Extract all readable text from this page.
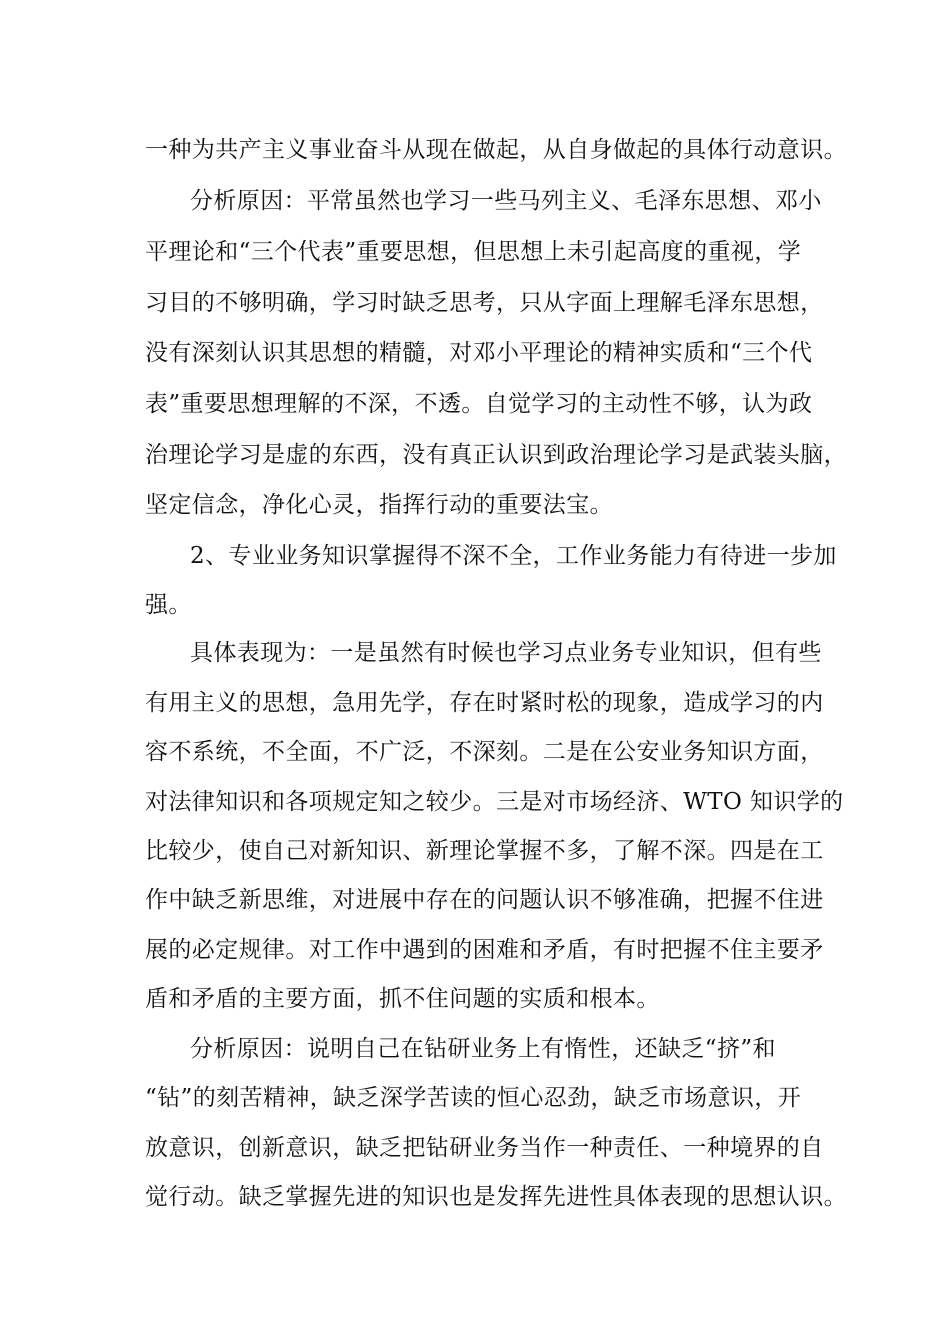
一种为共产主义事业奋斗从现在做起，从自身做起的具体行动意识。
分析原因：平常虽然也学习一些马列主义、毛泽东思想、邓小
平理论和“三个代表”重要思想，但思想上未引起高度的重视，学
习目的不够明确，学习时缺乏思考，只从字面上理解毛泽东思想，
没有深刻认识其思想的精髓，对邓小平理论的精神实质和“三个代
表”重要思想理解的不深，不透。自觉学习的主动性不够，认为政
治理论学习是虚的东西，没有真正认识到政治理论学习是武装头脑，
坚定信念，净化心灵，指挥行动的重要法宝。
2、专业业务知识掌握得不深不全，工作业务能力有待进一步加
强。
具体表现为：一是虽然有时候也学习点业务专业知识，但有些
有用主义的思想，急用先学，存在时紧时松的现象，造成学习的内
容不系统，不全面，不广泛，不深刻。二是在公安业务知识方面，
对法律知识和各项规定知之较少。三是对市场经济、WTO 知识学的
比较少，使自己对新知识、新理论掌握不多，了解不深。四是在工
作中缺乏新思维，对进展中存在的问题认识不够准确，把握不住进
展的必定规律。对工作中遇到的困难和矛盾，有时把握不住主要矛
盾和矛盾的主要方面，抓不住问题的实质和根本。
分析原因：说明自己在钻研业务上有惰性，还缺乏“挤”和
“钻”的刻苦精神，缺乏深学苦读的恒心忍劲，缺乏市场意识，开
放意识，创新意识，缺乏把钻研业务当作一种责任、一种境界的自
觉行动。缺乏掌握先进的知识也是发挥先进性具体表现的思想认识。
